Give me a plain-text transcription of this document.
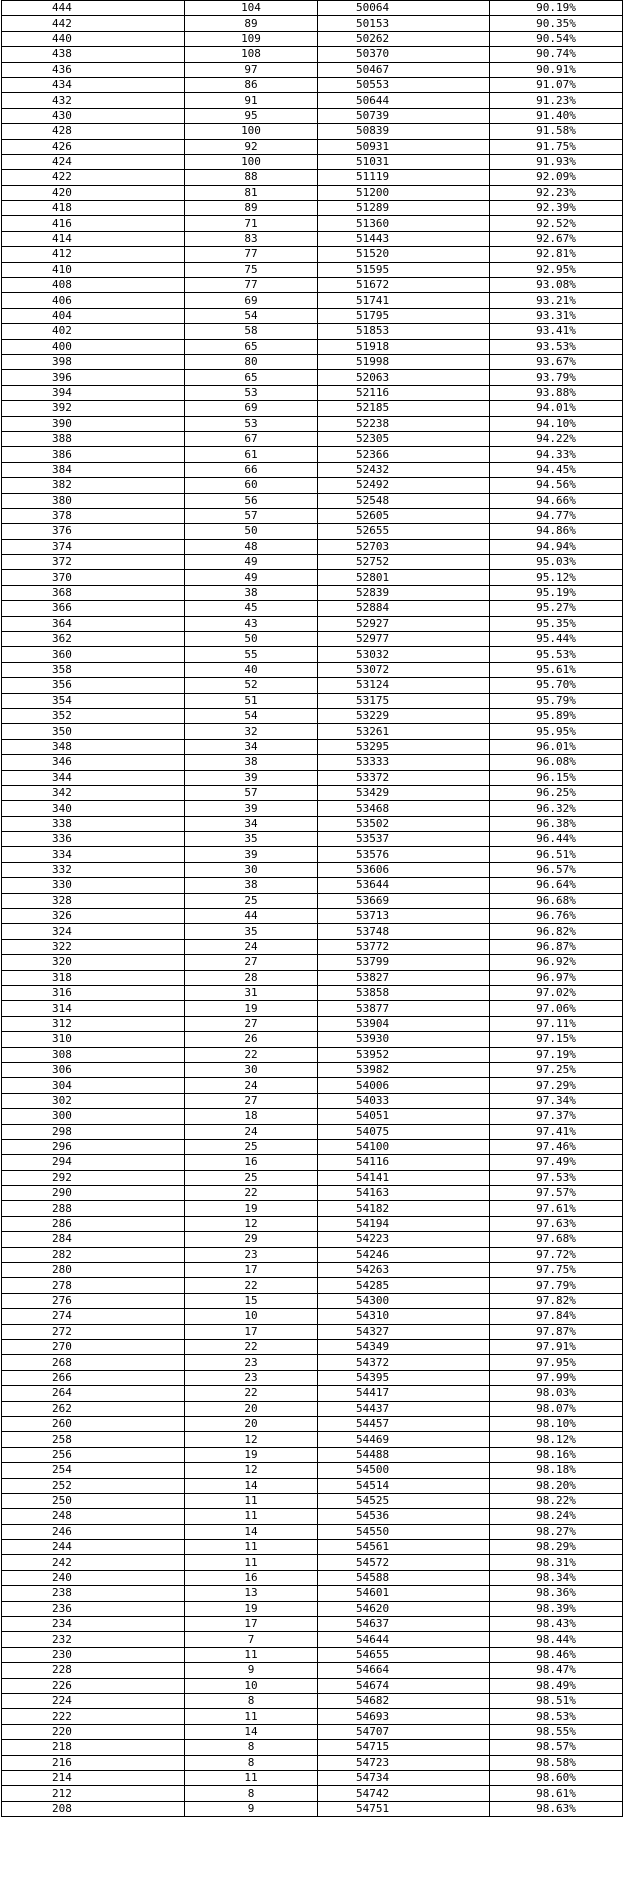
444	104	50064	90.19%
442	89	50153	90.35%
440	109	50262	90.54%
438	108	50370	90.74%
436	97	50467	90.91%
434	86	50553	91.07%
432	91	50644	91.23%
430	95	50739	91.40%
428	100	50839	91.58%
426	92	50931	91.75%
424	100	51031	91.93%
422	88	51119	92.09%
420	81	51200	92.23%
418	89	51289	92.39%
416	71	51360	92.52%
414	83	51443	92.67%
412	77	51520	92.81%
410	75	51595	92.95%
408	77	51672	93.08%
406	69	51741	93.21%
404	54	51795	93.31%
402	58	51853	93.41%
400	65	51918	93.53%
398	80	51998	93.67%
396	65	52063	93.79%
394	53	52116	93.88%
392	69	52185	94.01%
390	53	52238	94.10%
388	67	52305	94.22%
386	61	52366	94.33%
384	66	52432	94.45%
382	60	52492	94.56%
380	56	52548	94.66%
378	57	52605	94.77%
376	50	52655	94.86%
374	48	52703	94.94%
372	49	52752	95.03%
370	49	52801	95.12%
368	38	52839	95.19%
366	45	52884	95.27%
364	43	52927	95.35%
362	50	52977	95.44%
360	55	53032	95.53%
358	40	53072	95.61%
356	52	53124	95.70%
354	51	53175	95.79%
352	54	53229	95.89%
350	32	53261	95.95%
348	34	53295	96.01%
346	38	53333	96.08%
344	39	53372	96.15%
342	57	53429	96.25%
340	39	53468	96.32%
338	34	53502	96.38%
336	35	53537	96.44%
334	39	53576	96.51%
332	30	53606	96.57%
330	38	53644	96.64%
328	25	53669	96.68%
326	44	53713	96.76%
324	35	53748	96.82%
322	24	53772	96.87%
320	27	53799	96.92%
318	28	53827	96.97%
316	31	53858	97.02%
314	19	53877	97.06%
312	27	53904	97.11%
310	26	53930	97.15%
308	22	53952	97.19%
306	30	53982	97.25%
304	24	54006	97.29%
302	27	54033	97.34%
300	18	54051	97.37%
298	24	54075	97.41%
296	25	54100	97.46%
294	16	54116	97.49%
292	25	54141	97.53%
290	22	54163	97.57%
288	19	54182	97.61%
286	12	54194	97.63%
284	29	54223	97.68%
282	23	54246	97.72%
280	17	54263	97.75%
278	22	54285	97.79%
276	15	54300	97.82%
274	10	54310	97.84%
272	17	54327	97.87%
270	22	54349	97.91%
268	23	54372	97.95%
266	23	54395	97.99%
264	22	54417	98.03%
262	20	54437	98.07%
260	20	54457	98.10%
258	12	54469	98.12%
256	19	54488	98.16%
254	12	54500	98.18%
252	14	54514	98.20%
250	11	54525	98.22%
248	11	54536	98.24%
246	14	54550	98.27%
244	11	54561	98.29%
242	11	54572	98.31%
240	16	54588	98.34%
238	13	54601	98.36%
236	19	54620	98.39%
234	17	54637	98.43%
232	7	54644	98.44%
230	11	54655	98.46%
228	9	54664	98.47%
226	10	54674	98.49%
224	8	54682	98.51%
222	11	54693	98.53%
220	14	54707	98.55%
218	8	54715	98.57%
216	8	54723	98.58%
214	11	54734	98.60%
212	8	54742	98.61%
208	9	54751	98.63%
